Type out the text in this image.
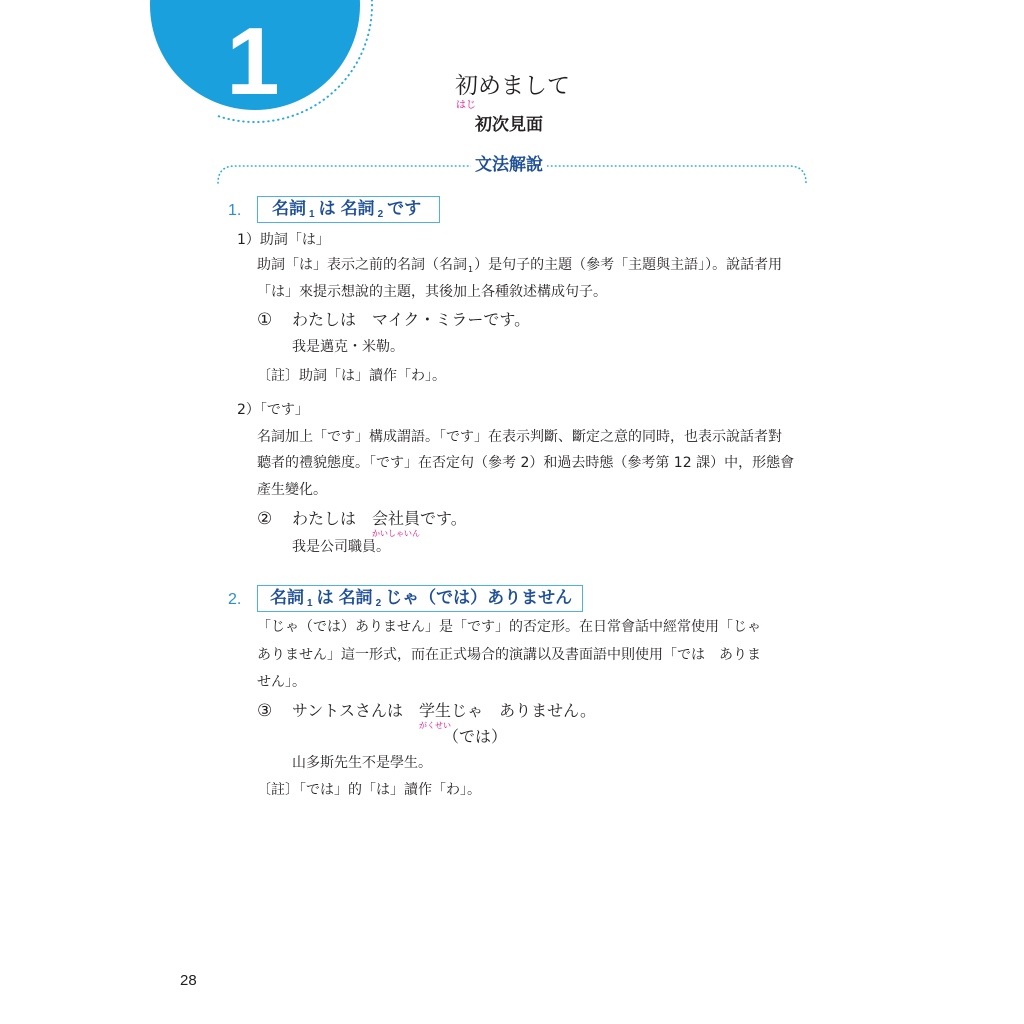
1	初めまして
はじ
初次見面
文法解說
1.	名詞 1 は 名詞 2 です
1）助詞「は」
助詞「は」表示之前的名詞（名詞$_1$）是句子的主題（參考「主題與主語」）。說話者用
「は」來提示想說的主題，其後加上各種敘述構成句子。
① わたしは　マイク・ミラーです。
我是邁克・米勒。
〔註〕助詞「は」讀作「わ」。
2）「です」
名詞加上「です」構成謂語。「です」在表示判斷、斷定之意的同時，也表示說話者對
聽者的禮貌態度。「です」在否定句（參考 2）和過去時態（參考第 12 課）中，形態會
產生變化。
② わたしは　会社員
かいしゃいん
です。
我是公司職員。
2.	名詞 1 は 名詞 2 じゃ（では）ありません
「じゃ（では）ありません」是「です」的否定形。在日常會話中經常使用「じゃ
ありません」這一形式，而在正式場合的演講以及書面語中則使用「では　ありま
せん」。
③ サントスさんは　学生
がくせい
じゃ　ありません。
（では）
山多斯先生不是學生。
〔註〕「では」的「は」讀作「わ」。
28
